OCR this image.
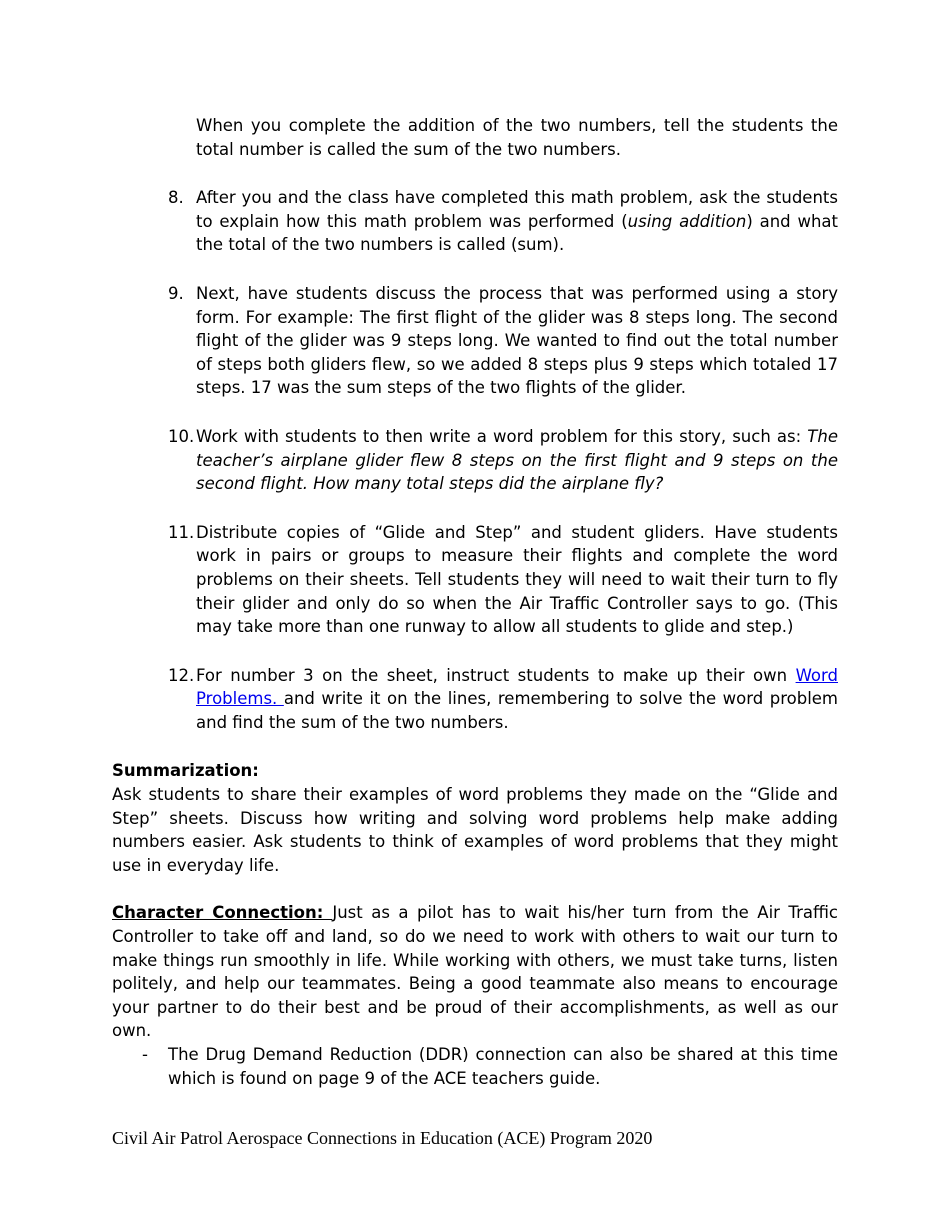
When you complete the addition of the two numbers, tell the students the total number is called the sum of the two numbers.

8. After you and the class have completed this math problem, ask the students to explain how this math problem was performed (using addition) and what the total of the two numbers is called (sum).
9. Next, have students discuss the process that was performed using a story form. For example: The first flight of the glider was 8 steps long. The second flight of the glider was 9 steps long. We wanted to find out the total number of steps both gliders flew, so we added 8 steps plus 9 steps which totaled 17 steps. 17 was the sum steps of the two flights of the glider.
10. Work with students to then write a word problem for this story, such as: The teacher’s airplane glider flew 8 steps on the first flight and 9 steps on the second flight. How many total steps did the airplane fly?
11. Distribute copies of “Glide and Step” and student gliders. Have students work in pairs or groups to measure their flights and complete the word problems on their sheets. Tell students they will need to wait their turn to fly their glider and only do so when the Air Traffic Controller says to go. (This may take more than one runway to allow all students to glide and step.)
12. For number 3 on the sheet, instruct students to make up their own Word Problems. and write it on the lines, remembering to solve the word problem and find the sum of the two numbers.
Summarization:

Ask students to share their examples of word problems they made on the “Glide and Step” sheets. Discuss how writing and solving word problems help make adding numbers easier. Ask students to think of examples of word problems that they might use in everyday life.

Character Connection: Just as a pilot has to wait his/her turn from the Air Traffic Controller to take off and land, so do we need to work with others to wait our turn to make things run smoothly in life. While working with others, we must take turns, listen politely, and help our teammates. Being a good teammate also means to encourage your partner to do their best and be proud of their accomplishments, as well as our own.

- The Drug Demand Reduction (DDR) connection can also be shared at this time which is found on page 9 of the ACE teachers guide.

Civil Air Patrol Aerospace Connections in Education (ACE) Program 2020
